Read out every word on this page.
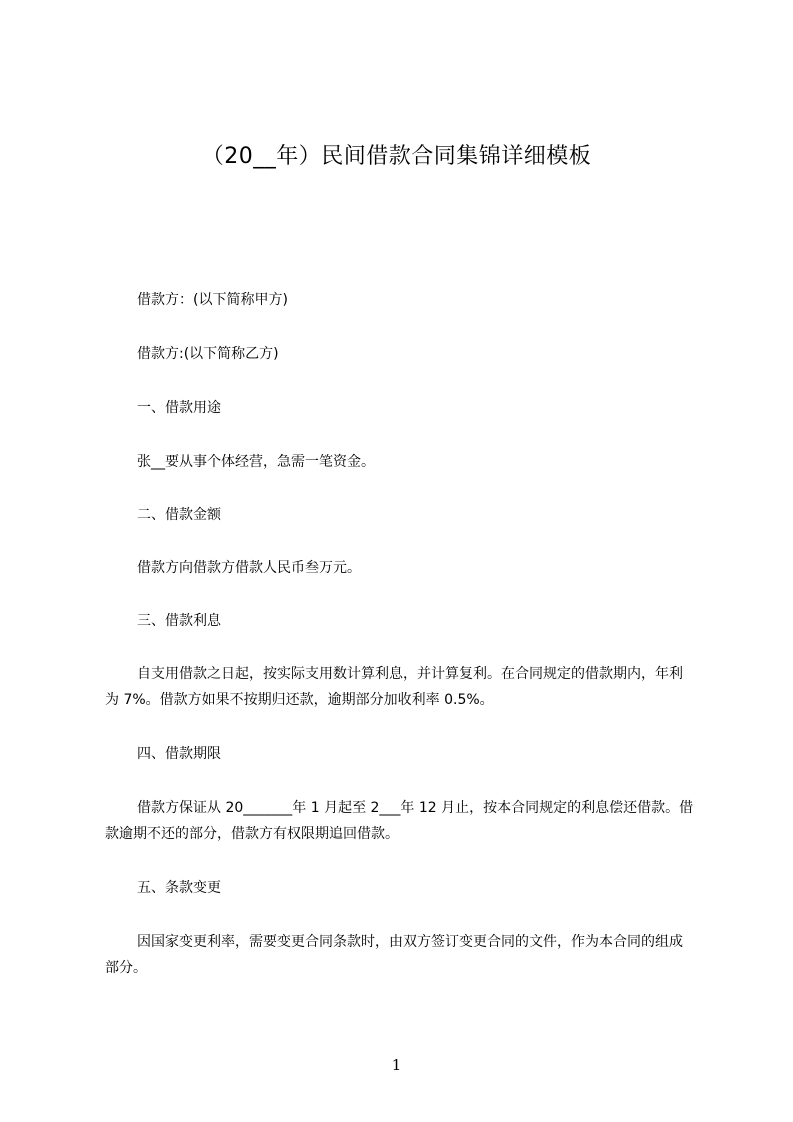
（20__年）民间借款合同集锦详细模板

借款方：(以下简称甲方)

借款方:(以下简称乙方)

一、借款用途

张__要从事个体经营，急需一笔资金。

二、借款金额

借款方向借款方借款人民币叁万元。

三、借款利息

自支用借款之日起，按实际支用数计算利息，并计算复利。在合同规定的借款期内，年利为 7%。借款方如果不按期归还款，逾期部分加收利率 0.5%。

四、借款期限

借款方保证从 20_______年 1 月起至 2___年 12 月止，按本合同规定的利息偿还借款。借款逾期不还的部分，借款方有权限期追回借款。

五、条款变更

因国家变更利率，需要变更合同条款时，由双方签订变更合同的文件，作为本合同的组成部分。

1
